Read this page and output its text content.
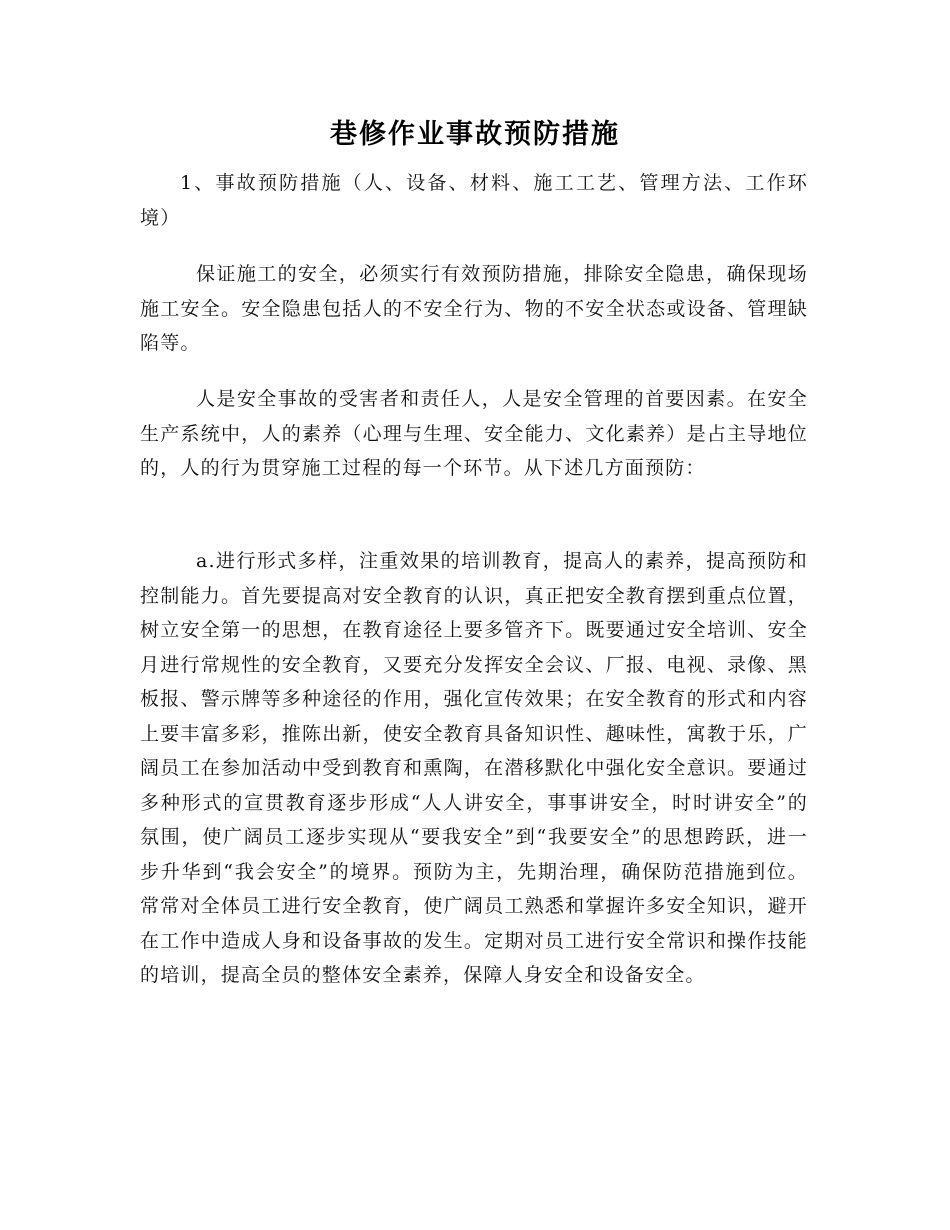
巷修作业事故预防措施

1、事故预防措施（人、设备、材料、施工工艺、管理方法、工作环境）

保证施工的安全，必须实行有效预防措施，排除安全隐患，确保现场施工安全。安全隐患包括人的不安全行为、物的不安全状态或设备、管理缺陷等。

人是安全事故的受害者和责任人，人是安全管理的首要因素。在安全生产系统中，人的素养（心理与生理、安全能力、文化素养）是占主导地位的，人的行为贯穿施工过程的每一个环节。从下述几方面预防：

a.进行形式多样，注重效果的培训教育，提高人的素养，提高预防和控制能力。首先要提高对安全教育的认识，真正把安全教育摆到重点位置，树立安全第一的思想，在教育途径上要多管齐下。既要通过安全培训、安全月进行常规性的安全教育，又要充分发挥安全会议、厂报、电视、录像、黑板报、警示牌等多种途径的作用，强化宣传效果；在安全教育的形式和内容上要丰富多彩，推陈出新，使安全教育具备知识性、趣味性，寓教于乐，广阔员工在参加活动中受到教育和熏陶，在潜移默化中强化安全意识。要通过多种形式的宣贯教育逐步形成“人人讲安全，事事讲安全，时时讲安全”的氛围，使广阔员工逐步实现从“要我安全”到“我要安全”的思想跨跃，进一步升华到“我会安全”的境界。预防为主，先期治理，确保防范措施到位。常常对全体员工进行安全教育，使广阔员工熟悉和掌握许多安全知识，避开在工作中造成人身和设备事故的发生。定期对员工进行安全常识和操作技能的培训，提高全员的整体安全素养，保障人身安全和设备安全。
